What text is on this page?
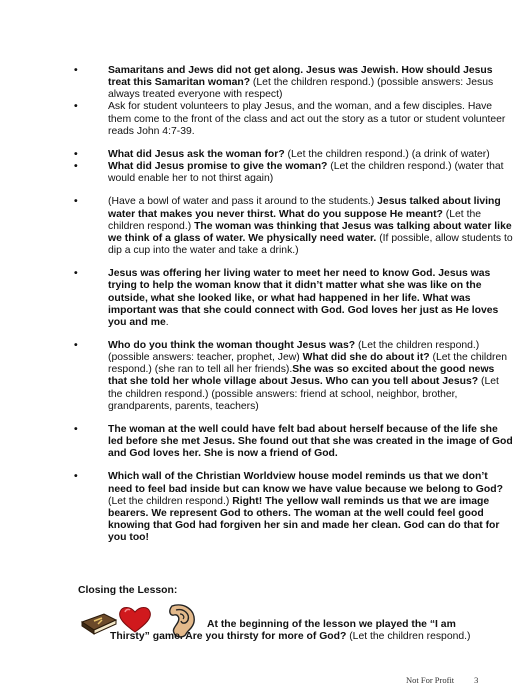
•	Samaritans and Jews did not get along. Jesus was Jewish. How should Jesus treat this Samaritan woman? (Let the children respond.) (possible answers: Jesus always treated everyone with respect)
•	Ask for student volunteers to play Jesus, and the woman, and a few disciples. Have them come to the front of the class and act out the story as a tutor or student volunteer reads John 4:7-39.
•	What did Jesus ask the woman for? (Let the children respond.) (a drink of water)
•	What did Jesus promise to give the woman? (Let the children respond.) (water that would enable her to not thirst again)
•	(Have a bowl of water and pass it around to the students.) Jesus talked about living water that makes you never thirst. What do you suppose He meant? (Let the children respond.) The woman was thinking that Jesus was talking about water like we think of a glass of water. We physically need water. (If possible, allow students to dip a cup into the water and take a drink.)
•	Jesus was offering her living water to meet her need to know God. Jesus was trying to help the woman know that it didn’t matter what she was like on the outside, what she looked like, or what had happened in her life. What was important was that she could connect with God. God loves her just as He loves you and me.
•	Who do you think the woman thought Jesus was? (Let the children respond.) (possible answers: teacher, prophet, Jew) What did she do about it? (Let the children respond.) (she ran to tell all her friends).She was so excited about the good news that she told her whole village about Jesus. Who can you tell about Jesus? (Let the children respond.) (possible answers: friend at school, neighbor, brother, grandparents, parents, teachers)
•	The woman at the well could have felt bad about herself because of the life she led before she met Jesus. She found out that she was created in the image of God and God loves her. She is now a friend of God.
•	Which wall of the Christian Worldview house model reminds us that we don’t need to feel bad inside but can know we have value because we belong to God? (Let the children respond.) Right! The yellow wall reminds us that we are image bearers. We represent God to others. The woman at the well could feel good knowing that God had forgiven her sin and made her clean. God can do that for you too!
Closing the Lesson:
At the beginning of the lesson we played the “I am
Thirsty” game. Are you thirsty for more of God? (Let the children respond.)
Not For Profit 3
